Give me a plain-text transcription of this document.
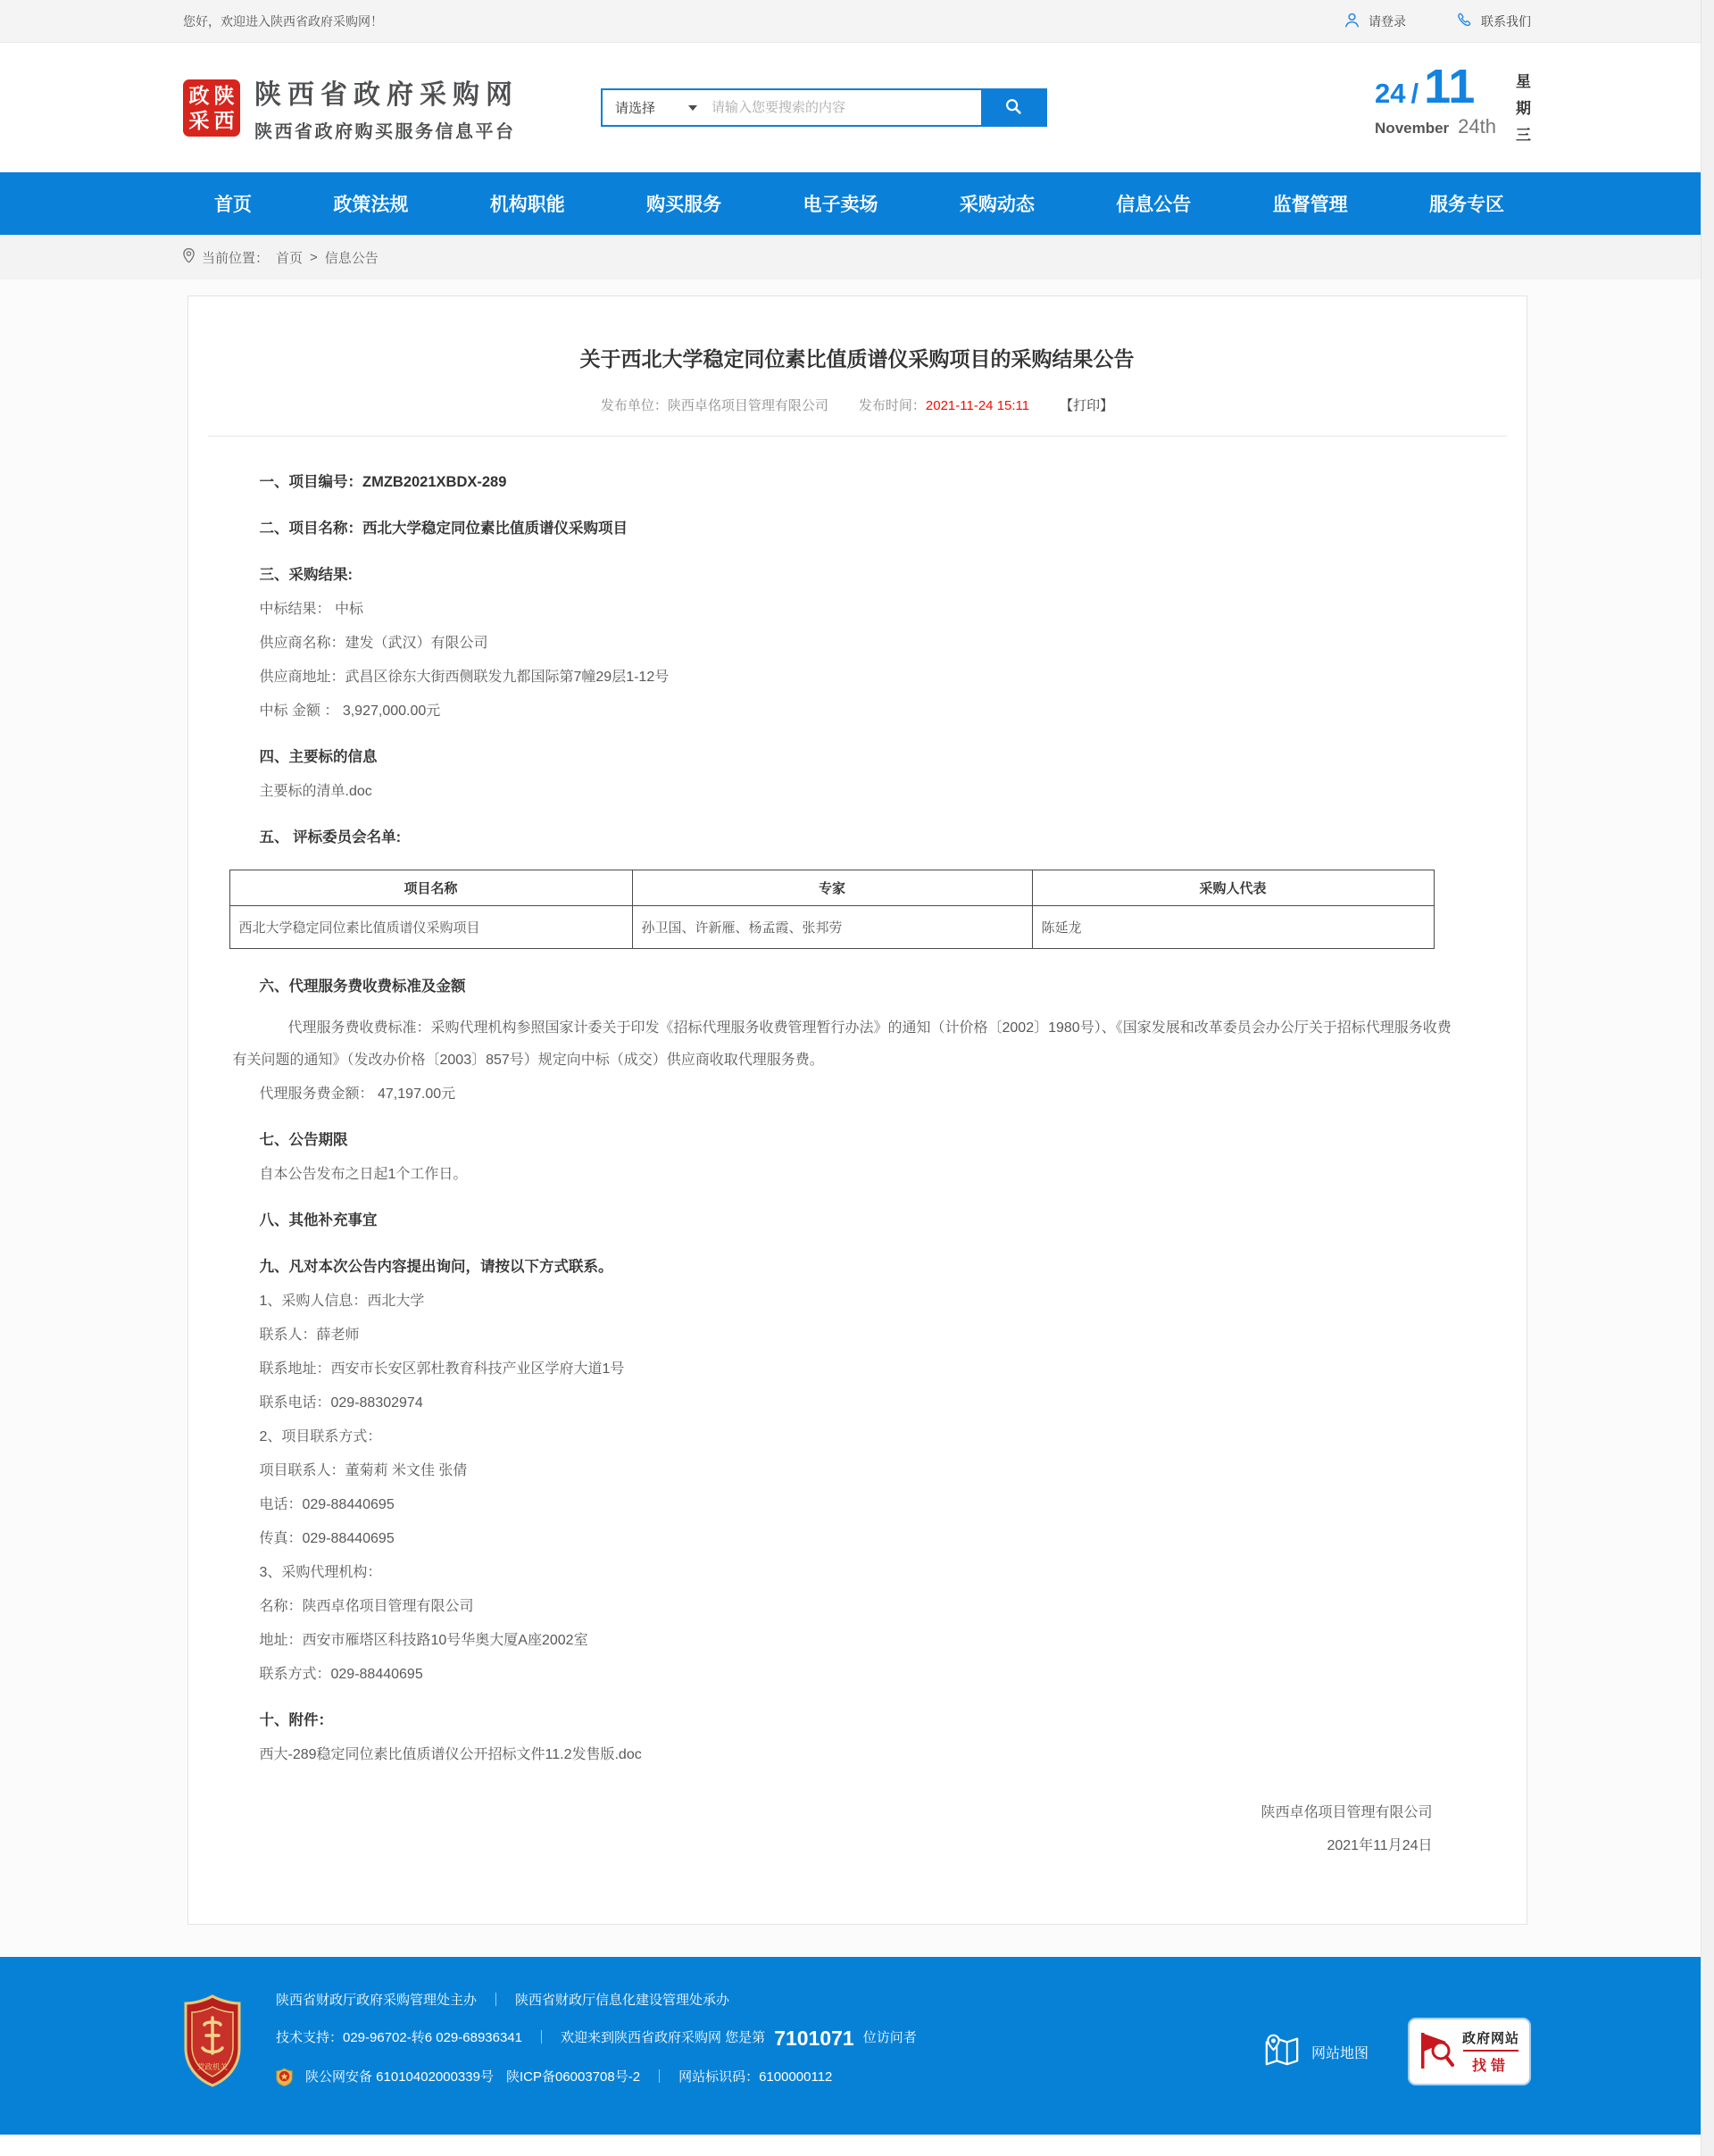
您好，欢迎进入陕西省政府采购网！	请登录	联系我们
政 陕
采 西
陕西省政府采购网
陕西省政府购买服务信息平台
请选择
请输入您要搜索的内容	24 / 11
November 24th
星
期
三
首页	政策法规	机构职能	购买服务	电子卖场	采购动态	信息公告	监督管理	服务专区
当前位置： 首页 > 信息公告
关于西北大学稳定同位素比值质谱仪采购项目的采购结果公告
发布单位：陕西卓佲项目管理有限公司 发布时间：2021-11-24 15:11 【打印】
一、项目编号：ZMZB2021XBDX-289
二、项目名称：西北大学稳定同位素比值质谱仪采购项目
三、采购结果:
中标结果： 中标
供应商名称：建发（武汉）有限公司
供应商地址：武昌区徐东大街西侧联发九都国际第7幢29层1-12号
中标 金额 ： 3,927,000.00元
四、主要标的信息
主要标的清单.doc
五、 评标委员会名单:
项目名称	专家	采购人代表
西北大学稳定同位素比值质谱仪采购项目	孙卫国、许新雁、杨孟霞、张邦劳	陈延龙
六、代理服务费收费标准及金额
代理服务费收费标准：采购代理机构参照国家计委关于印发《招标代理服务收费管理暂行办法》的通知（计价格〔2002〕1980号）、《国家发展和改革委员会办公厅关于招标代理服务收费有关问题的通知》（发改办价格〔2003〕857号）规定向中标（成交）供应商收取代理服务费。
代理服务费金额： 47,197.00元
七、公告期限
自本公告发布之日起1个工作日。
八、其他补充事宜
九、凡对本次公告内容提出询问，请按以下方式联系。
1、采购人信息：西北大学
联系人：薛老师
联系地址：西安市长安区郭杜教育科技产业区学府大道1号
联系电话：029-88302974
2、项目联系方式：
项目联系人：董菊莉 米文佳 张倩
电话：029-88440695
传真：029-88440695
3、采购代理机构：
名称：陕西卓佲项目管理有限公司
地址：西安市雁塔区科技路10号华奥大厦A座2002室
联系方式：029-88440695
十、附件：
西大-289稳定同位素比值质谱仪公开招标文件11.2发售版.doc
陕西卓佲项目管理有限公司
2021年11月24日
党政机关
陕西省财政厅政府采购管理处主办 ｜ 陕西省财政厅信息化建设管理处承办
技术支持：029-96702-转6 029-68936341 ｜ 欢迎来到陕西省政府采购网 您是第 7101071 位访问者
陕公网安备 61010402000339号 陕ICP备06003708号-2 ｜ 网站标识码：6100000112
网站地图
政府网站
找错
